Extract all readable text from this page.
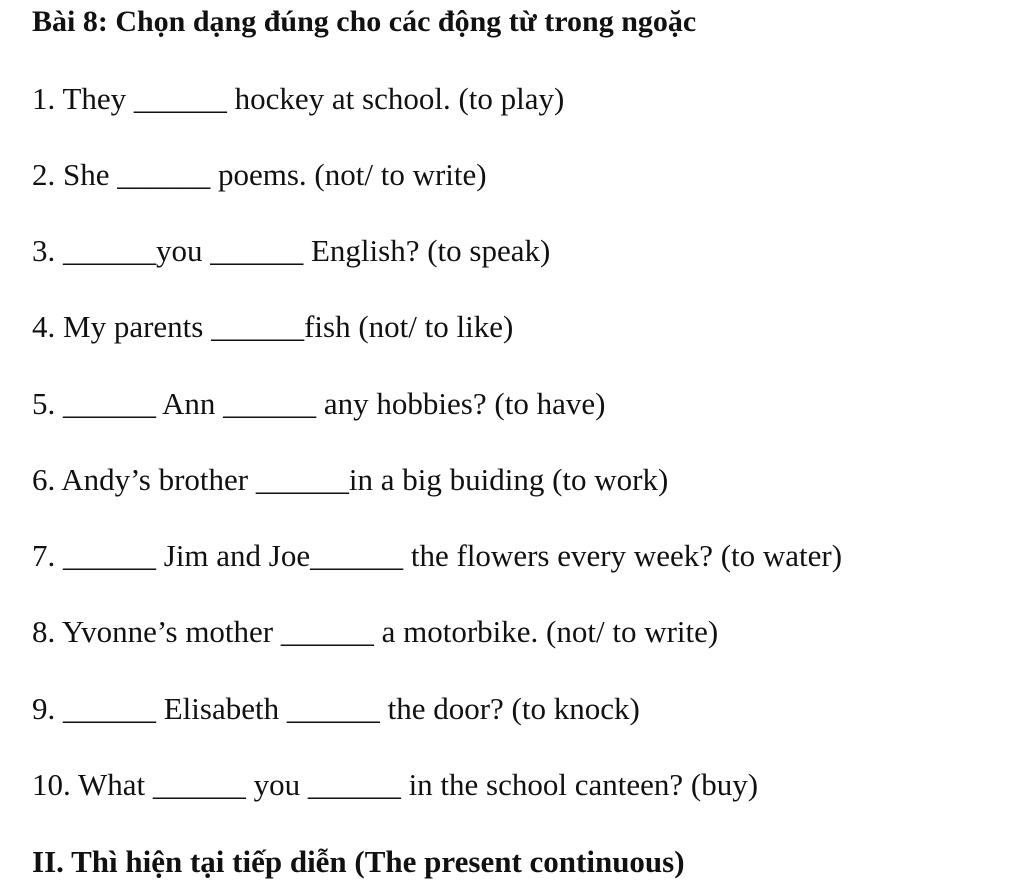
Bài 8: Chọn dạng đúng cho các động từ trong ngoặc
1. They ______ hockey at school. (to play)
2. She ______ poems. (not/ to write)
3. ______you ______ English? (to speak)
4. My parents ______fish (not/ to like)
5. ______ Ann ______ any hobbies? (to have)
6. Andy’s brother ______in a big buiding (to work)
7. ______ Jim and Joe______ the flowers every week? (to water)
8. Yvonne’s mother ______ a motorbike. (not/ to write)
9. ______ Elisabeth ______ the door? (to knock)
10. What ______ you ______ in the school canteen? (buy)
II. Thì hiện tại tiếp diễn (The present continuous)
